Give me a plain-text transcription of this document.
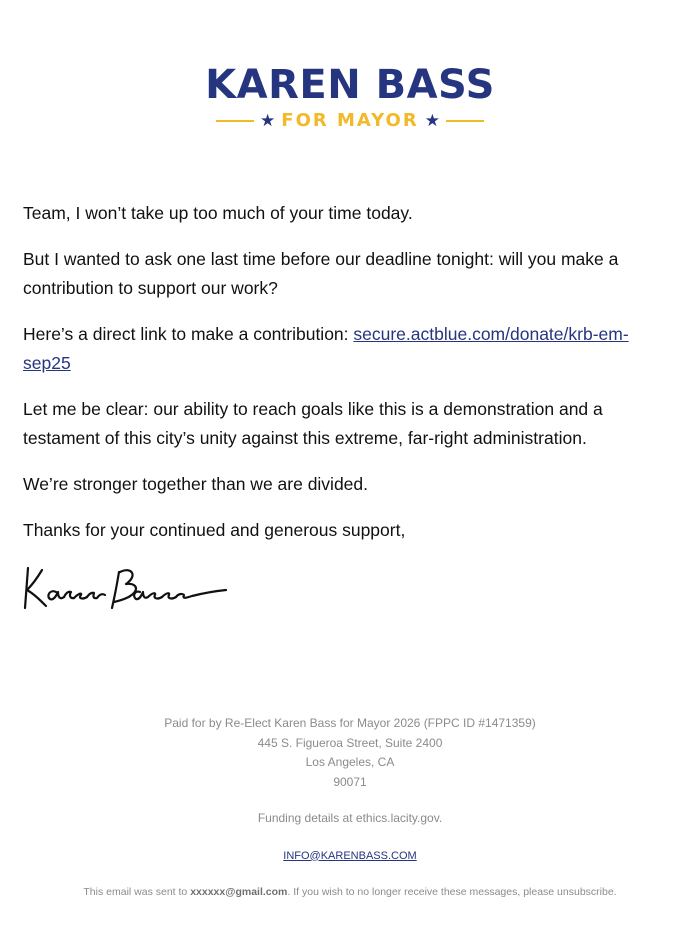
KAREN BASS
★ FOR MAYOR ★

Team, I won’t take up too much of your time today.

But I wanted to ask one last time before our deadline tonight: will you make a contribution to support our work?

Here’s a direct link to make a contribution: secure.actblue.com/donate/krb-em-sep25

Let me be clear: our ability to reach goals like this is a demonstration and a testament of this city’s unity against this extreme, far-right administration.

We’re stronger together than we are divided.

Thanks for your continued and generous support,

Paid for by Re-Elect Karen Bass for Mayor 2026 (FPPC ID #1471359)

445 S. Figueroa Street, Suite 2400

Los Angeles, CA

90071

Funding details at ethics.lacity.gov.

INFO@KARENBASS.COM

This email was sent to xxxxxx@gmail.com. If you wish to no longer receive these messages, please unsubscribe.
